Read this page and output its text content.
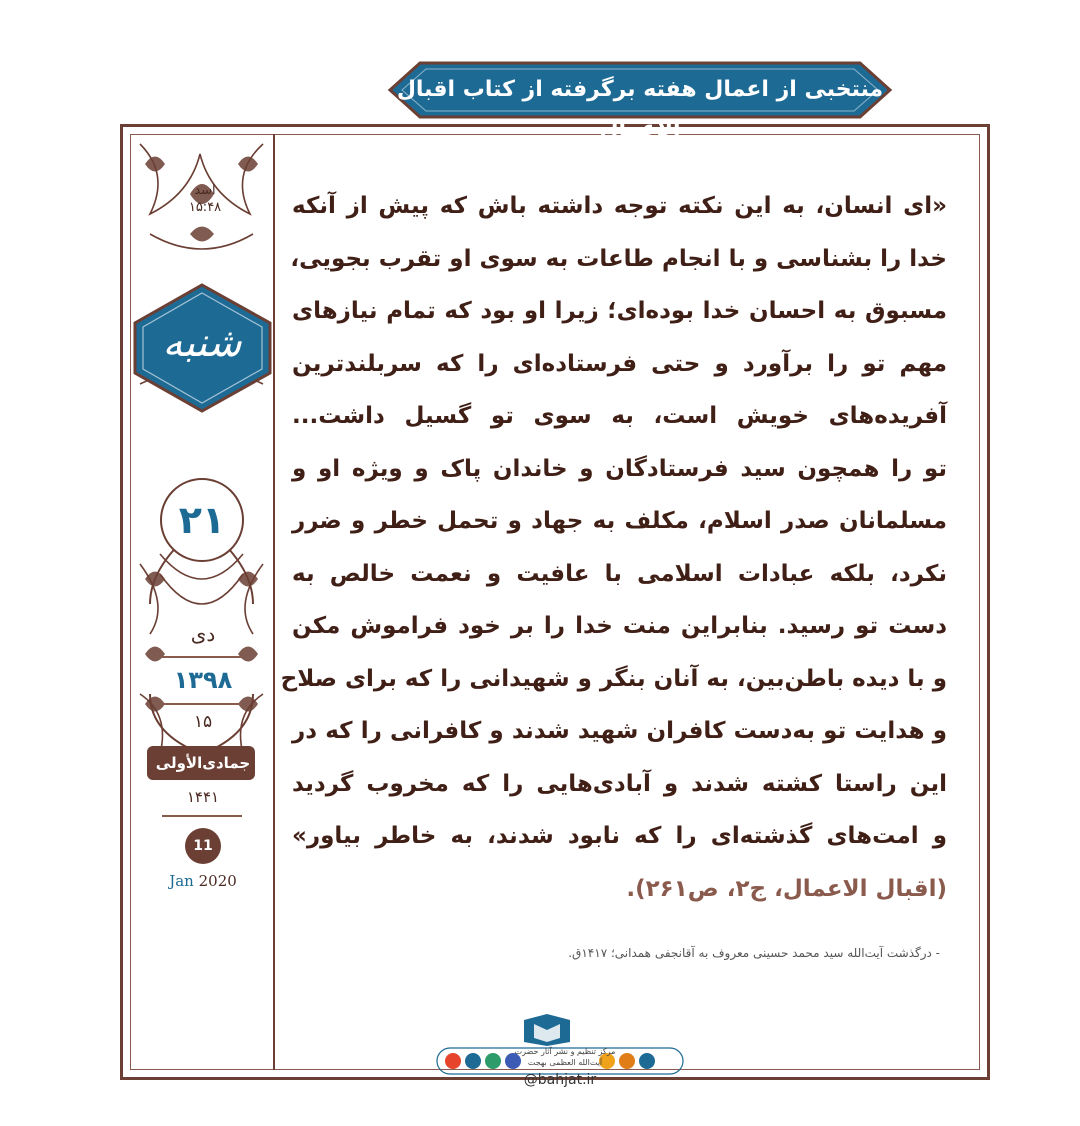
اسد
۱۵:۴۸
شنبه
۲۱
دی
۱۳۹۸
۱۵
جمادی‌الأولی
۱۴۴۱
11
Jan 2020
منتخبی از اعمال هفته برگرفته از کتاب اقبال الاعمال
«ای انسان، به این نکته توجه داشته باش که پیش از آنکه
خدا را بشناسی و با انجام طاعات به سوی او تقرب بجویی،
مسبوق به احسان خدا بوده‌ای؛ زیرا او بود که تمام نیازهای
مهم تو را برآورد و حتی فرستاده‌ای را که سربلندترین
آفریده‌های خویش است، به سوی تو گسیل داشت...
تو را همچون سید فرستادگان و خاندان پاک و ویژه او و
مسلمانان صدر اسلام، مکلف به جهاد و تحمل خطر و ضرر
نکرد، بلکه عبادات اسلامی با عافیت و نعمت خالص به
دست تو رسید. بنابراین منت خدا را بر خود فراموش مکن
و با دیده باطن‌بین، به آنان بنگر و شهیدانی را که برای صلاح
و هدایت تو به‌دست کافران شهید شدند و کافرانی را که در
این راستا کشته شدند و آبادی‌هایی را که مخروب گردید
و امت‌های گذشته‌ای را که نابود شدند، به خاطر بیاور»
(اقبال الاعمال، ج۲، ص۲۶۱).
- درگذشت آیت‌الله سید محمد حسینی معروف به آقانجفی همدانی؛ ۱۴۱۷ق.
مرکز تنظیم و نشر آثار حضرت آیت‌الله العظمی بهجت
@bahjat.ir
